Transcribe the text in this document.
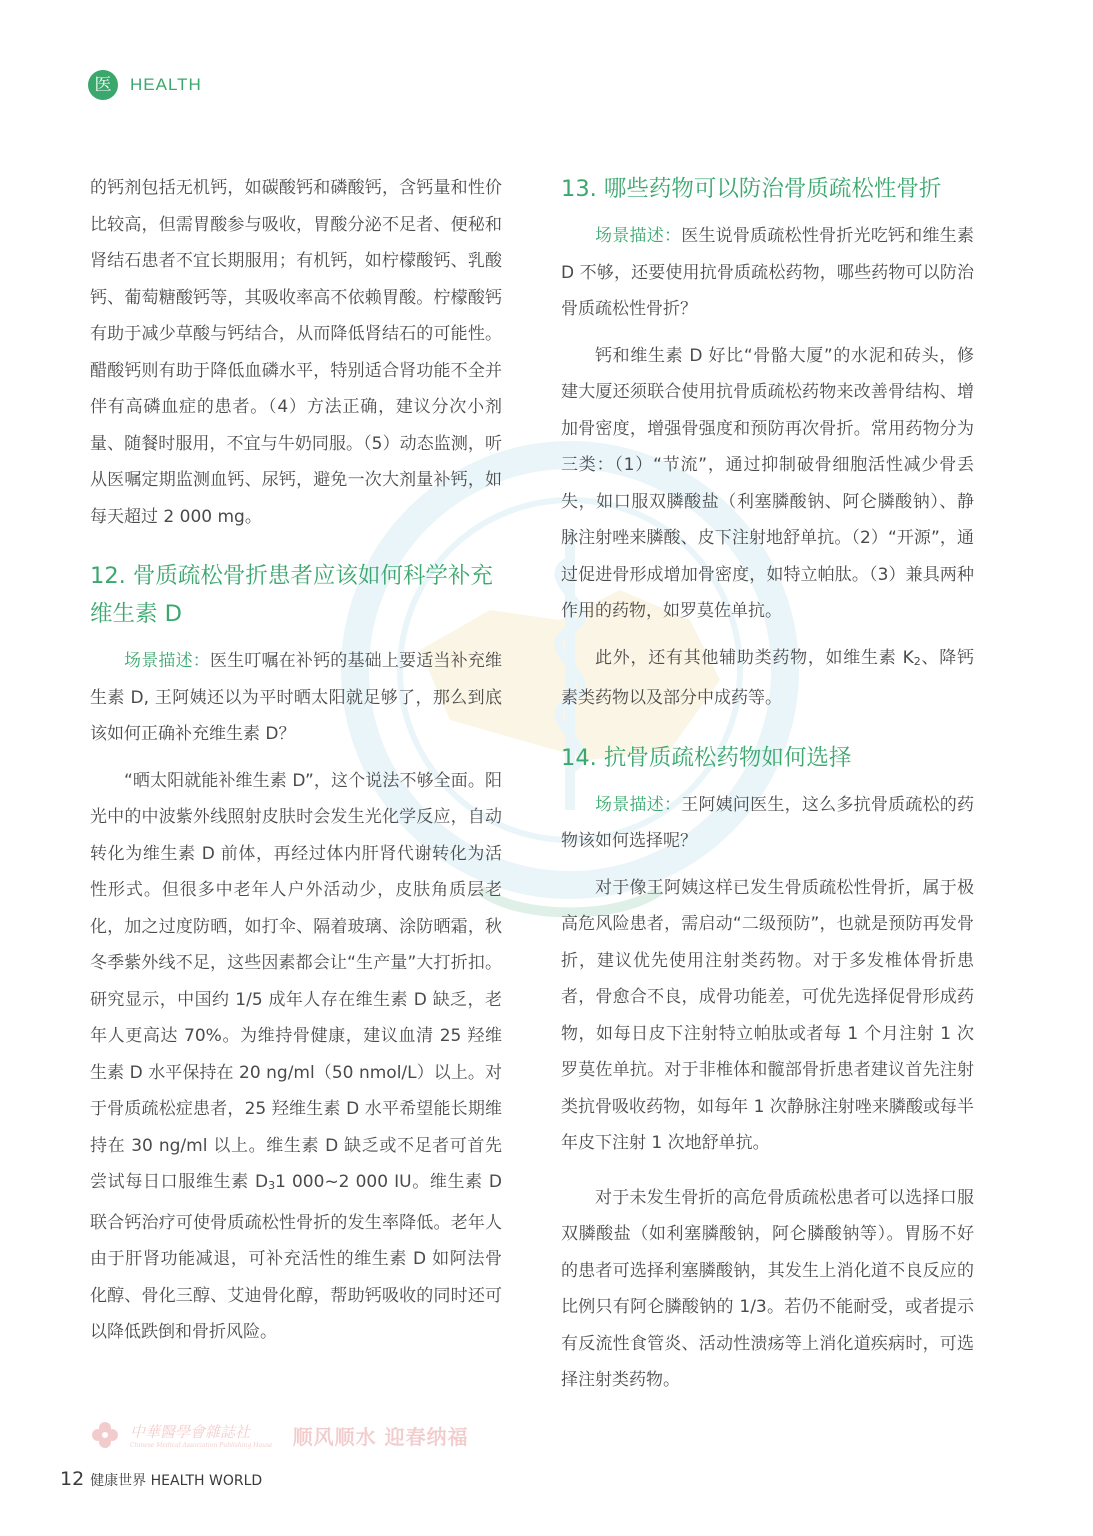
医	HEALTH

的钙剂包括无机钙，如碳酸钙和磷酸钙，含钙量和性价比较高，但需胃酸参与吸收，胃酸分泌不足者、便秘和肾结石患者不宜长期服用；有机钙，如柠檬酸钙、乳酸钙、葡萄糖酸钙等，其吸收率高不依赖胃酸。柠檬酸钙有助于减少草酸与钙结合，从而降低肾结石的可能性。醋酸钙则有助于降低血磷水平，特别适合肾功能不全并伴有高磷血症的患者。（4）方法正确，建议分次小剂量、随餐时服用，不宜与牛奶同服。（5）动态监测，听从医嘱定期监测血钙、尿钙，避免一次大剂量补钙，如每天超过 2 000 mg。

12. 骨质疏松骨折患者应该如何科学补充维生素 D

场景描述：医生叮嘱在补钙的基础上要适当补充维生素 D, 王阿姨还以为平时晒太阳就足够了，那么到底该如何正确补充维生素 D？

“晒太阳就能补维生素 D”，这个说法不够全面。阳光中的中波紫外线照射皮肤时会发生光化学反应，自动转化为维生素 D 前体，再经过体内肝肾代谢转化为活性形式。但很多中老年人户外活动少，皮肤角质层老化，加之过度防晒，如打伞、隔着玻璃、涂防晒霜，秋冬季紫外线不足，这些因素都会让“生产量”大打折扣。研究显示，中国约 1/5 成年人存在维生素 D 缺乏，老年人更高达 70%。为维持骨健康，建议血清 25 羟维生素 D 水平保持在 20 ng/ml（50 nmol/L）以上。对于骨质疏松症患者，25 羟维生素 D 水平希望能长期维持在 30 ng/ml 以上。维生素 D 缺乏或不足者可首先尝试每日口服维生素 $D_31$ 000~2 000 IU。维生素 D 联合钙治疗可使骨质疏松性骨折的发生率降低。老年人由于肝肾功能减退，可补充活性的维生素 D 如阿法骨化醇、骨化三醇、艾迪骨化醇，帮助钙吸收的同时还可以降低跌倒和骨折风险。

13. 哪些药物可以防治骨质疏松性骨折

场景描述：医生说骨质疏松性骨折光吃钙和维生素 D 不够，还要使用抗骨质疏松药物，哪些药物可以防治骨质疏松性骨折？

钙和维生素 D 好比“骨骼大厦”的水泥和砖头，修建大厦还须联合使用抗骨质疏松药物来改善骨结构、增加骨密度，增强骨强度和预防再次骨折。常用药物分为三类：（1）“节流”，通过抑制破骨细胞活性减少骨丢失，如口服双膦酸盐（利塞膦酸钠、阿仑膦酸钠）、静脉注射唑来膦酸、皮下注射地舒单抗。（2）“开源”，通过促进骨形成增加骨密度，如特立帕肽。（3）兼具两种作用的药物，如罗莫佐单抗。

此外，还有其他辅助类药物，如维生素 $K_2$、降钙素类药物以及部分中成药等。

14. 抗骨质疏松药物如何选择

场景描述：王阿姨问医生，这么多抗骨质疏松的药物该如何选择呢？

对于像王阿姨这样已发生骨质疏松性骨折，属于极高危风险患者，需启动“二级预防”，也就是预防再发骨折，建议优先使用注射类药物。对于多发椎体骨折患者，骨愈合不良，成骨功能差，可优先选择促骨形成药物，如每日皮下注射特立帕肽或者每 1 个月注射 1 次罗莫佐单抗。对于非椎体和髋部骨折患者建议首先注射类抗骨吸收药物，如每年 1 次静脉注射唑来膦酸或每半年皮下注射 1 次地舒单抗。

对于未发生骨折的高危骨质疏松患者可以选择口服双膦酸盐（如利塞膦酸钠，阿仑膦酸钠等）。胃肠不好的患者可选择利塞膦酸钠，其发生上消化道不良反应的比例只有阿仑膦酸钠的 1/3。若仍不能耐受，或者提示有反流性食管炎、活动性溃疡等上消化道疾病时，可选择注射类药物。

中華醫學會雜誌社
Chinese Medical Association Publishing House 顺风顺水 迎春纳福
12 健康世界 HEALTH WORLD
